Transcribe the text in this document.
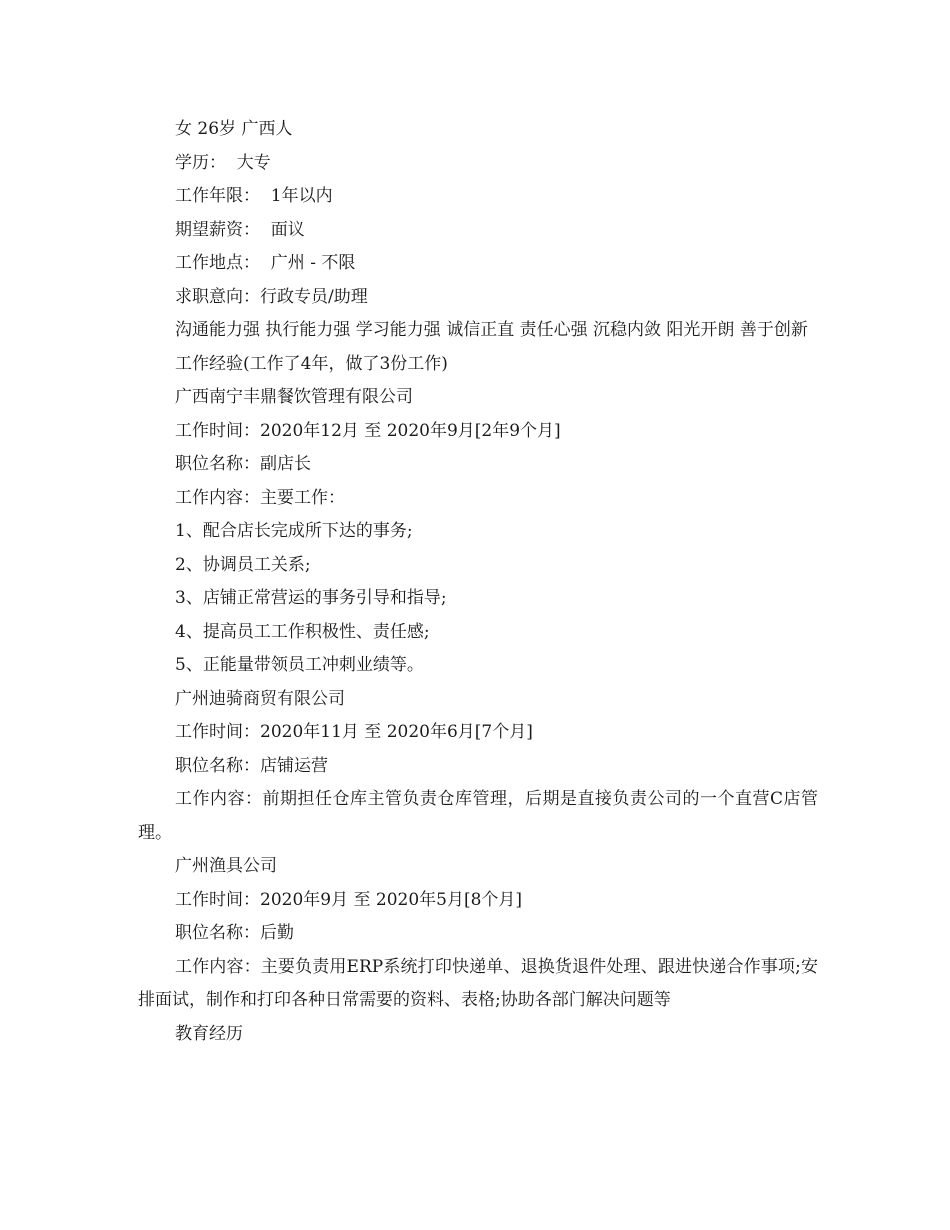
女 26岁 广西人
学历：  大专
工作年限：  1年以内
期望薪资：  面议
工作地点：  广州 - 不限
求职意向：行政专员/助理
沟通能力强 执行能力强 学习能力强 诚信正直 责任心强 沉稳内敛 阳光开朗 善于创新
工作经验(工作了4年，做了3份工作)
广西南宁丰鼎餐饮管理有限公司
工作时间：2020年12月 至 2020年9月[2年9个月]
职位名称：副店长
工作内容：主要工作：
1、配合店长完成所下达的事务;
2、协调员工关系;
3、店铺正常营运的事务引导和指导;
4、提高员工工作积极性、责任感;
5、正能量带领员工冲刺业绩等。
广州迪骑商贸有限公司
工作时间：2020年11月 至 2020年6月[7个月]
职位名称：店铺运营
工作内容：前期担任仓库主管负责仓库管理，后期是直接负责公司的一个直营C店管理。
广州渔具公司
工作时间：2020年9月 至 2020年5月[8个月]
职位名称：后勤
工作内容：主要负责用ERP系统打印快递单、退换货退件处理、跟进快递合作事项;安排面试，制作和打印各种日常需要的资料、表格;协助各部门解决问题等
教育经历
